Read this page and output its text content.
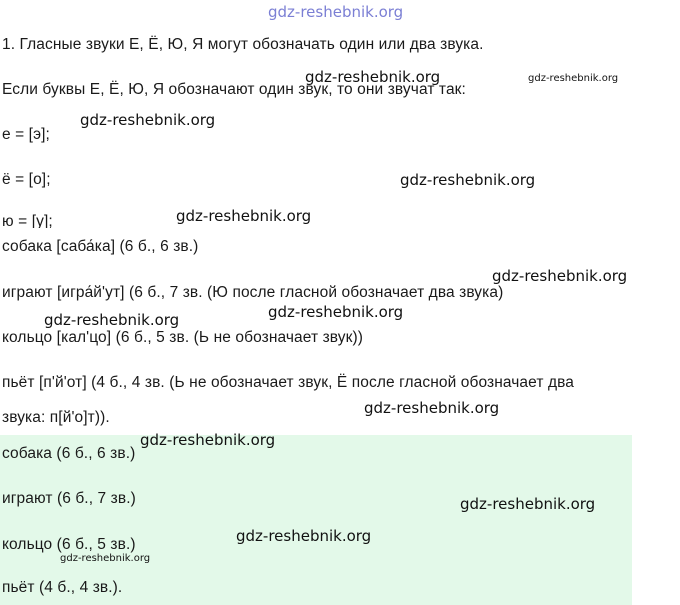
gdz-reshebnik.org
1. Гласные звуки Е, Ё, Ю, Я могут обозначать один или два звука.
Если буквы Е, Ё, Ю, Я обозначают один звук, то они звучат так:
е = [э];
ё = [о];
ю = [у];
собака [саба́ка] (6 б., 6 зв.)
играют [игра́й'ут] (6 б., 7 зв. (Ю после гласной обозначает два звука)
кольцо [кал'цо] (6 б., 5 зв. (Ь не обозначает звук))
пьёт [п'й'от] (4 б., 4 зв. (Ь не обозначает звук, Ё после гласной обозначает два
звука: п[й'о]т)).
собака (6 б., 6 зв.)
играют (6 б., 7 зв.)
кольцо (6 б., 5 зв.)
пьёт (4 б., 4 зв.).
gdz-reshebnik.org	gdz-reshebnik.org
gdz-reshebnik.org
gdz-reshebnik.org
gdz-reshebnik.org
gdz-reshebnik.org
gdz-reshebnik.org
gdz-reshebnik.org
gdz-reshebnik.org
gdz-reshebnik.org
gdz-reshebnik.org
gdz-reshebnik.org
gdz-reshebnik.org
